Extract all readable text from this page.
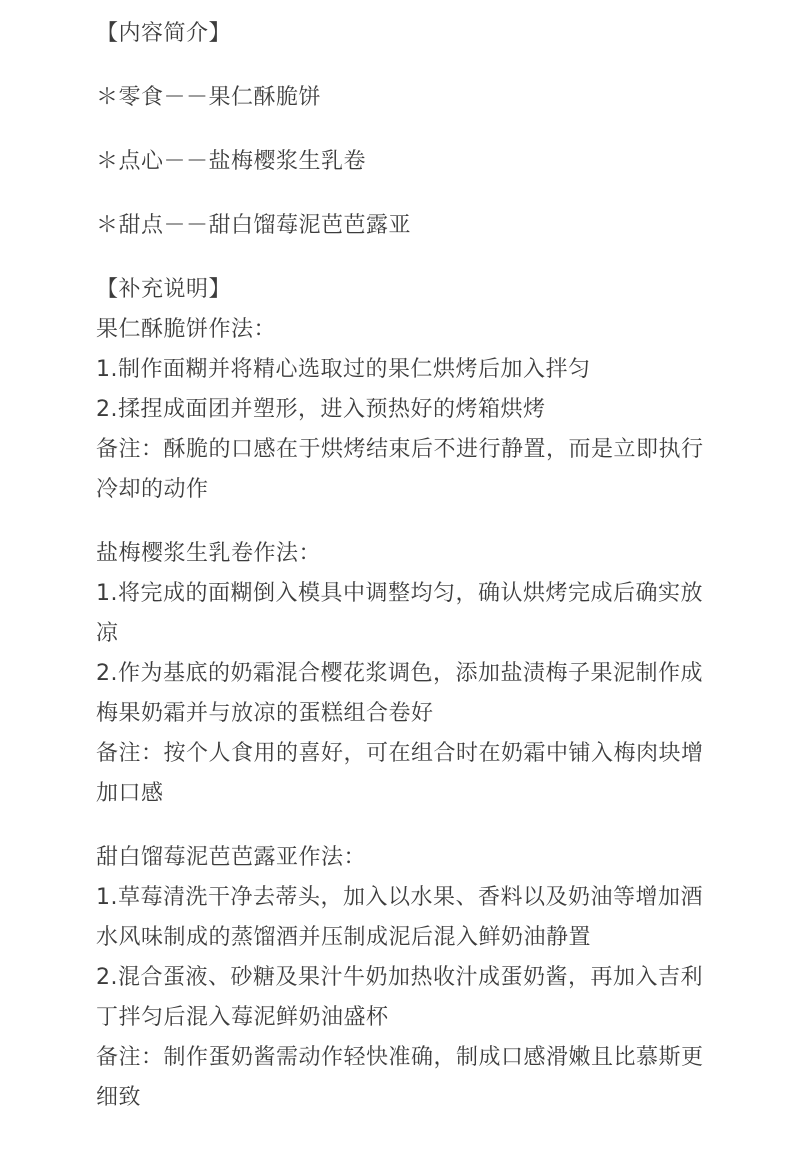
【内容简介】
＊零食－－果仁酥脆饼
＊点心－－盐梅樱浆生乳卷
＊甜点－－甜白馏莓泥芭芭露亚
【补充说明】
果仁酥脆饼作法：
1.制作面糊并将精心选取过的果仁烘烤后加入拌匀
2.揉捏成面团并塑形，进入预热好的烤箱烘烤
备注：酥脆的口感在于烘烤结束后不进行静置，而是立即执行冷却的动作
盐梅樱浆生乳卷作法：
1.将完成的面糊倒入模具中调整均匀，确认烘烤完成后确实放凉
2.作为基底的奶霜混合樱花浆调色，添加盐渍梅子果泥制作成梅果奶霜并与放凉的蛋糕组合卷好
备注：按个人食用的喜好，可在组合时在奶霜中铺入梅肉块增加口感
甜白馏莓泥芭芭露亚作法：
1.草莓清洗干净去蒂头，加入以水果、香料以及奶油等增加酒水风味制成的蒸馏酒并压制成泥后混入鲜奶油静置
2.混合蛋液、砂糖及果汁牛奶加热收汁成蛋奶酱，再加入吉利丁拌匀后混入莓泥鲜奶油盛杯
备注：制作蛋奶酱需动作轻快准确，制成口感滑嫩且比慕斯更细致
